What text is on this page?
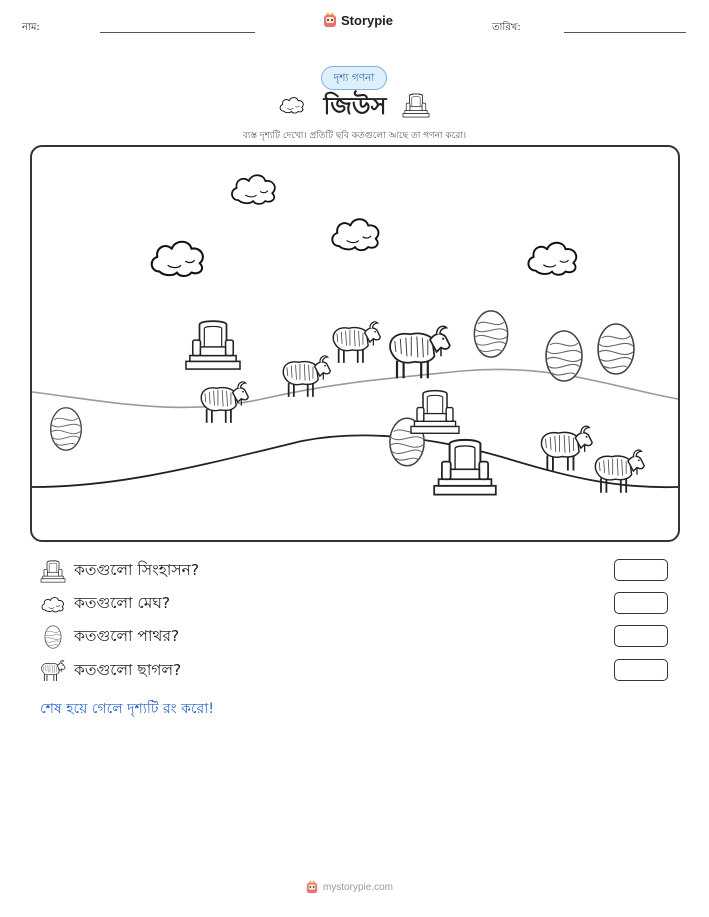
নাম:	Storypie	তারিখ:
দৃশ্য গণনা
জিউস
ব্যস্ত দৃশ্যটি দেখো। প্রতিটি ছবি কতগুলো আছে তা গণনা করো।
কতগুলো সিংহাসন?
কতগুলো মেঘ?
কতগুলো পাথর?
কতগুলো ছাগল?
শেষ হয়ে গেলে দৃশ্যটি রং করো!
mystorypie.com
